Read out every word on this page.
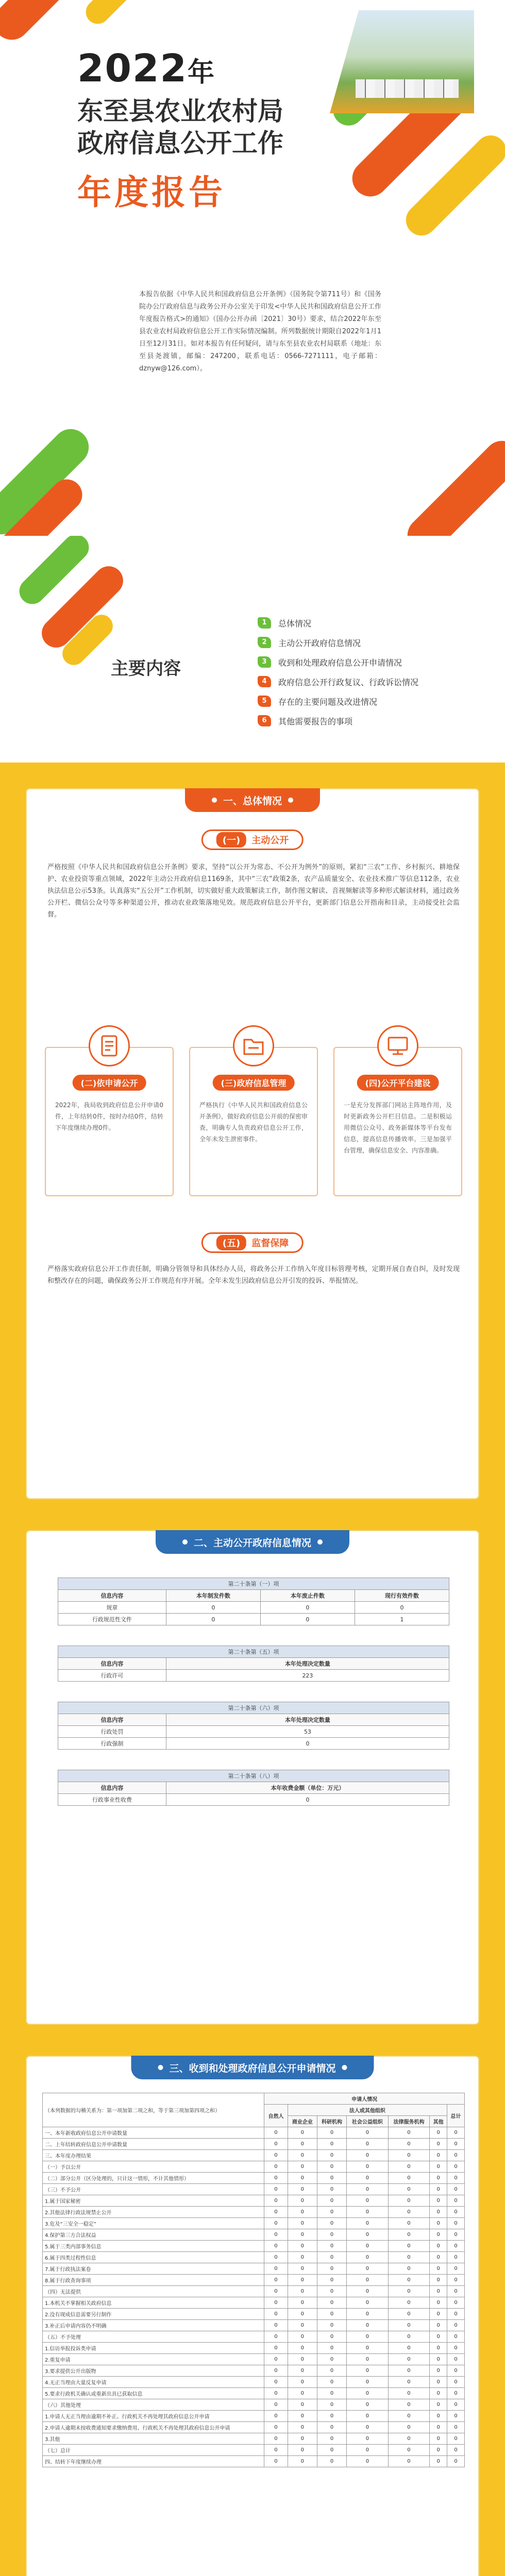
2022年
东至县农业农村局
政府信息公开工作
年度报告

本报告依据《中华人民共和国政府信息公开条例》（国务院令第711号）和《国务院办公厅政府信息与政务公开办公室关于印发<中华人民共和国政府信息公开工作年度报告格式>的通知》（国办公开办函〔2021〕30号）要求，结合2022年东至县农业农村局政府信息公开工作实际情况编制。所列数据统计期限自2022年1月1日至12月31日。如对本报告有任何疑问，请与东至县农业农村局联系（地址：东至县尧渡镇，邮编：247200，联系电话：0566-7271111，电子邮箱：dznyw@126.com）。

主要内容
1	总体情况
2	主动公开政府信息情况
3	收到和处理政府信息公开申请情况
4	政府信息公开行政复议、行政诉讼情况
5	存在的主要问题及改进情况
6	其他需要报告的事项
一、总体情况
(一)	主动公开

严格按照《中华人民共和国政府信息公开条例》要求，坚持“以公开为常态、不公开为例外”的原则，紧扣“三农”工作、乡村振兴、耕地保护、农业投资等重点领域，2022年主动公开政府信息1169条，其中“三农”政策2条，农产品质量安全、农业技术推广等信息112条，农业执法信息公示53条。认真落实“五公开”工作机制，切实做好重大政策解读工作，制作图文解读、音视频解读等多种形式解读材料，通过政务公开栏、微信公众号等多种渠道公开，推动农业政策落地见效。规范政府信息公开平台，更新部门信息公开指南和目录，主动接受社会监督。

(二)依申请公开

2022年，我局收到政府信息公开申请0件，上年结转0件，按时办结0件，结转下年度继续办理0件。

(三)政府信息管理

严格执行《中华人民共和国政府信息公开条例》，做好政府信息公开前的保密审查，明确专人负责政府信息公开工作，全年未发生泄密事件。

(四)公开平台建设

一是充分发挥部门网站主阵地作用，及时更新政务公开栏目信息。二是积极运用微信公众号、政务新媒体等平台发布信息，提高信息传播效率。三是加强平台管理，确保信息安全、内容准确。

(五)	监督保障

严格落实政府信息公开工作责任制，明确分管领导和具体经办人员，将政务公开工作纳入年度目标管理考核，定期开展自查自纠，及时发现和整改存在的问题，确保政务公开工作规范有序开展。全年未发生因政府信息公开引发的投诉、举报情况。

二、主动公开政府信息情况
第二十条第（一）项			
信息内容	本年制发件数	本年废止件数	现行有效件数
规章	0	0	0
行政规范性文件	0	0	1

第二十条第（五）项			
信息内容	本年处理决定数量		
行政许可	223		

第二十条第（六）项			
信息内容	本年处理决定数量		
行政处罚	53		
行政强制	0		

第二十条第（八）项			
信息内容	本年收费金额（单位：万元）		
行政事业性收费	0		
三、收到和处理政府信息公开申请情况
（本列数据的勾稽关系为：第一项加第二项之和，等于第三项加第四项之和）	申请人情况						
	自然人	法人或其他组织					总计
		商业企业	科研机构	社会公益组织	法律服务机构	其他	
一、本年新收政府信息公开申请数量	0	0	0	0	0	0	0
二、上年结转政府信息公开申请数量	0	0	0	0	0	0	0
三、本年度办理结果	0	0	0	0	0	0	0
（一）予以公开	0	0	0	0	0	0	0
（二）部分公开（区分处理的，只计这一情形，不计其他情形）	0	0	0	0	0	0	0
（三）不予公开	0	0	0	0	0	0	0
1.属于国家秘密	0	0	0	0	0	0	0
2.其他法律行政法规禁止公开	0	0	0	0	0	0	0
3.危及“三安全一稳定”	0	0	0	0	0	0	0
4.保护第三方合法权益	0	0	0	0	0	0	0
5.属于三类内部事务信息	0	0	0	0	0	0	0
6.属于四类过程性信息	0	0	0	0	0	0	0
7.属于行政执法案卷	0	0	0	0	0	0	0
8.属于行政查询事项	0	0	0	0	0	0	0
（四）无法提供	0	0	0	0	0	0	0
1.本机关不掌握相关政府信息	0	0	0	0	0	0	0
2.没有现成信息需要另行制作	0	0	0	0	0	0	0
3.补正后申请内容仍不明确	0	0	0	0	0	0	0
（五）不予处理	0	0	0	0	0	0	0
1.信访举报投诉类申请	0	0	0	0	0	0	0
2.重复申请	0	0	0	0	0	0	0
3.要求提供公开出版物	0	0	0	0	0	0	0
4.无正当理由大量反复申请	0	0	0	0	0	0	0
5.要求行政机关确认或重新出具已获取信息	0	0	0	0	0	0	0
（六）其他处理	0	0	0	0	0	0	0
1.申请人无正当理由逾期不补正、行政机关不再处理其政府信息公开申请	0	0	0	0	0	0	0
2.申请人逾期未按收费通知要求缴纳费用、行政机关不再处理其政府信息公开申请	0	0	0	0	0	0	0
3.其他	0	0	0	0	0	0	0
（七）总计	0	0	0	0	0	0	0
四、结转下年度继续办理	0	0	0	0	0	0	0
